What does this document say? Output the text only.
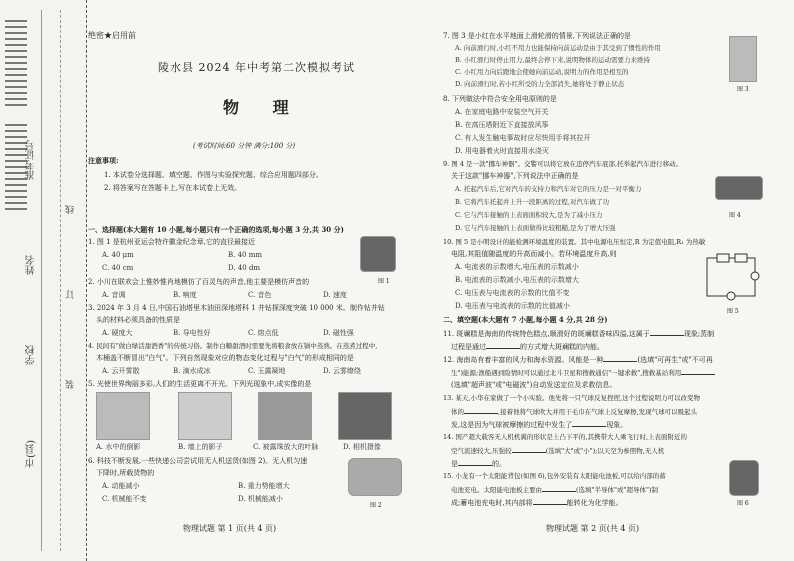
准考证号
姓名
学校
市(县)
线
订
装
绝密★启用前
陵水县 2024 年中考第二次模拟考试
物 理
(考试时间:60 分钟 满分:100 分)
注意事项:
1. 本试卷分选择题、填空题、作图与实验探究题、综合应用题四部分。
2. 将答案写在答题卡上,写在本试卷上无效。
一、选择题(本大题有 10 小题,每小题只有一个正确的选项,每小题 3 分,共 30 分)
1. 图 1 是杭州亚运会特许徽金纪念章,它的直径最接近
A. 40 μm	B. 40 mm
C. 40 cm	D. 40 dm
图 1
2. 小川在联欢会上惟妙惟肖地模仿了百灵鸟的声音,他主要是模仿声音的
A. 音调	B. 响度	C. 音色	D. 速度
3. 2024 年 3 月 4 日,中国石油塔里木油田深地塔科 1 井钻探深度突破 10 000 米。制作钻井钻
头的材料必须具备的性质是
A. 硬度大	B. 导电性好	C. 熔点低	D. 磁性强
4. 民间有"做白绿活甜酒香"的传统习俗。制作白糖甜酒时需要先将粮食放在锅中蒸熟。在蒸煮过程中,
木桶盖不断冒出"白气"。下列自然现象对应的物态变化过程与"白气"的形成相同的是
A. 云开雾散	B. 滴水成冰	C. 玉露凝地	D. 云雾缭绕
5. 光使世界绚丽多彩,人们的生活更离不开光。下列光现象中,成实像的是
A. 水中的倒影	B. 墙上的影子	C. 被露珠放大的叶脉	D. 相机摄像
6. 科技不断发展,一些快递公司尝试用无人机送货(如图 2)。无人机匀速
下降时,所载货物的
A. 动能减小	B. 重力势能增大
C. 机械能不变	D. 机械能减小
图 2
物理试题 第 1 页(共 4 页)
7. 图 3 是小红在水平地面上滑轮滑的情景,下列说法正确的是
A. 向前滑行时,小红不用力也能保持向前运动是由于其受到了惯性的作用
B. 小红滑行时停止用力,最终会停下来,说明物体的运动需要力来维持
C. 小红用力向后蹬地会使她向前运动,说明力的作用是相互的
D. 向前滑行时,若小红所受的力全部消失,她将处于静止状态
图 3
8. 下列做法中符合安全用电原则的是
A. 在家庭电路中安装空气开关
B. 在高压塔附近下直接放风筝
C. 有人发生触电事故时应尽快用手将其拉开
D. 用电器着火时直接用水浇灭
9. 图 4 是一款"挪车神器"。交警可以将它放在违停汽车底部,托举起汽车进行移动。
关于这款"挪车神器",下列说法中正确的是
A. 托起汽车后,它对汽车的支持力和汽车对它的压力是一对平衡力
B. 它将汽车托起并上升一段距离的过程,对汽车做了功
C. 它与汽车接触的上表面面积较大,是为了减小压力
D. 它与汽车接触的上表面做得比较粗糙,是为了增大压强
图 4
10. 图 5 是小明设计的能检测环境温度的装置。其中电源电压恒定,R 为定值电阻,R₁ 为热敏
电阻,其阻值随温度的升高而减小。若环境温度升高,则
A. 电流表的示数增大,电压表的示数减小
B. 电流表的示数减小,电压表的示数增大
C. 电压表与电流表的示数的比值不变
D. 电压表与电流表的示数的比值减小
图 5
二、填空题(本大题有 7 小题,每小题 4 分,共 28 分)
11. 斑斓糕是海南的传统特色糕点,顺滑好的斑斓糕香味四溢,这属于	现象;蒸制
过程是通过	的方式增大斑斓糕的内能。
12. 海南岛有着丰富的风力和海水资源。风能是一种	(选填"可再生"或"不可再
生")能源;渔船遇到险情时可以通过北斗卫星和搜救通信"一键求救",搜救基站利用
(选填"超声波"或"电磁波")自动发送定位及求救信息。
13. 某天,小华在家做了一个小实验。他先将一只气球反复捏捏,这个过程说明力可以改变物
体的	,接着他将气球吹大并用干毛巾在气球上反复摩擦,发现气球可以吸起头
发,这是因为气球被摩擦的过程中发生了	现象。
14. 国产超大载客无人机机翼的形状是上凸下平的,其携带大人乘飞行时,上表面附近的
空气流速较大,压强较	(选填"大"或"小");以天空为参照物,无人机
是	的。
15. 小龙有一个太阳能背包(如图 6),包外安装有太阳能电池板,可以给内部的蓄
电池充电。太阳能电池板主要由	(选填"半导体"或"超导体")制
成;蓄电池充电时,其内部将	能转化为化学能。	图 6
物理试题 第 2 页(共 4 页)
